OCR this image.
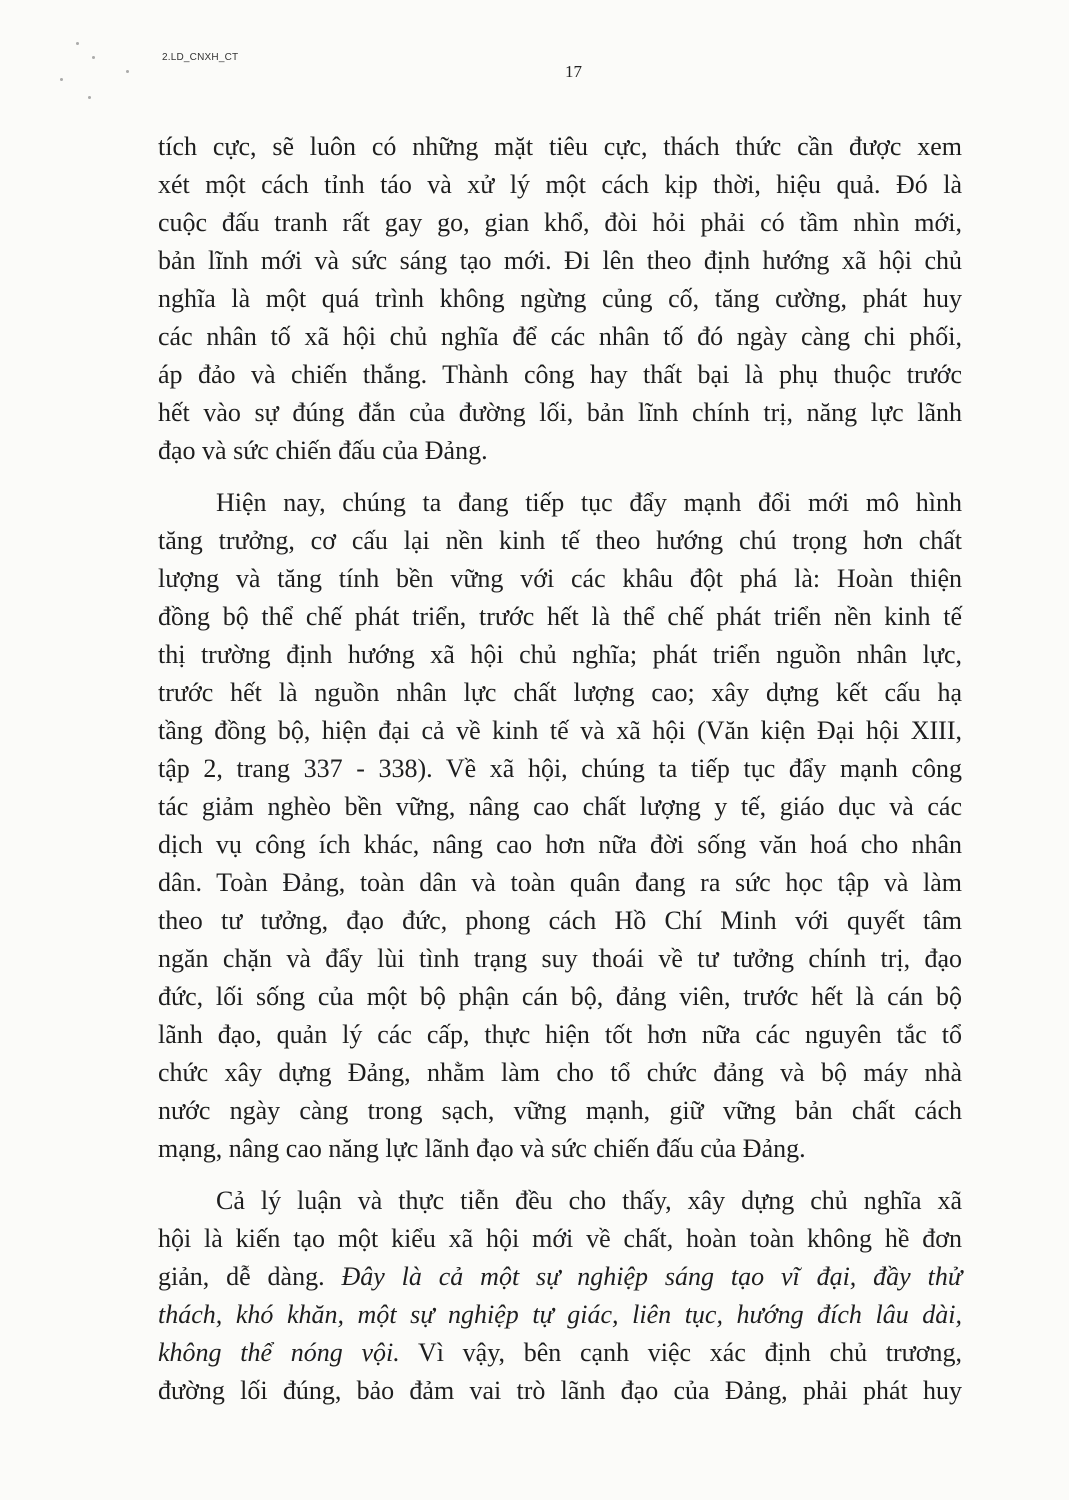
2.LD_CNXH_CT
17
tích cực, sẽ luôn có những mặt tiêu cực, thách thức cần được xem
xét một cách tỉnh táo và xử lý một cách kịp thời, hiệu quả. Đó là
cuộc đấu tranh rất gay go, gian khổ, đòi hỏi phải có tầm nhìn mới,
bản lĩnh mới và sức sáng tạo mới. Đi lên theo định hướng xã hội chủ
nghĩa là một quá trình không ngừng củng cố, tăng cường, phát huy
các nhân tố xã hội chủ nghĩa để các nhân tố đó ngày càng chi phối,
áp đảo và chiến thắng. Thành công hay thất bại là phụ thuộc trước
hết vào sự đúng đắn của đường lối, bản lĩnh chính trị, năng lực lãnh
đạo và sức chiến đấu của Đảng.
Hiện nay, chúng ta đang tiếp tục đẩy mạnh đổi mới mô hình
tăng trưởng, cơ cấu lại nền kinh tế theo hướng chú trọng hơn chất
lượng và tăng tính bền vững với các khâu đột phá là: Hoàn thiện
đồng bộ thể chế phát triển, trước hết là thể chế phát triển nền kinh tế
thị trường định hướng xã hội chủ nghĩa; phát triển nguồn nhân lực,
trước hết là nguồn nhân lực chất lượng cao; xây dựng kết cấu hạ
tầng đồng bộ, hiện đại cả về kinh tế và xã hội (Văn kiện Đại hội XIII,
tập 2, trang 337 - 338). Về xã hội, chúng ta tiếp tục đẩy mạnh công
tác giảm nghèo bền vững, nâng cao chất lượng y tế, giáo dục và các
dịch vụ công ích khác, nâng cao hơn nữa đời sống văn hoá cho nhân
dân. Toàn Đảng, toàn dân và toàn quân đang ra sức học tập và làm
theo tư tưởng, đạo đức, phong cách Hồ Chí Minh với quyết tâm
ngăn chặn và đẩy lùi tình trạng suy thoái về tư tưởng chính trị, đạo
đức, lối sống của một bộ phận cán bộ, đảng viên, trước hết là cán bộ
lãnh đạo, quản lý các cấp, thực hiện tốt hơn nữa các nguyên tắc tổ
chức xây dựng Đảng, nhằm làm cho tổ chức đảng và bộ máy nhà
nước ngày càng trong sạch, vững mạnh, giữ vững bản chất cách
mạng, nâng cao năng lực lãnh đạo và sức chiến đấu của Đảng.
Cả lý luận và thực tiễn đều cho thấy, xây dựng chủ nghĩa xã
hội là kiến tạo một kiểu xã hội mới về chất, hoàn toàn không hề đơn
giản, dễ dàng. Đây là cả một sự nghiệp sáng tạo vĩ đại, đầy thử
thách, khó khăn, một sự nghiệp tự giác, liên tục, hướng đích lâu dài,
không thể nóng vội. Vì vậy, bên cạnh việc xác định chủ trương,
đường lối đúng, bảo đảm vai trò lãnh đạo của Đảng, phải phát huy
